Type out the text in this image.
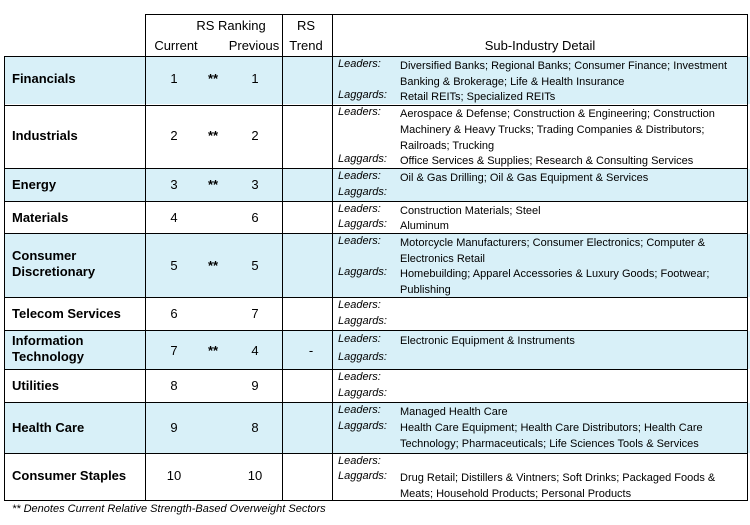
RS Ranking
Current	Previous
RS
Trend	Sub-Industry Detail
Financials	1	**	1
Leaders: Diversified Banks; Regional Banks; Consumer Finance; Investment Banking & Brokerage; Life & Health Insurance
Laggards: Retail REITs; Specialized REITs
Industrials	2	**	2
Leaders: Aerospace & Defense; Construction & Engineering; Construction Machinery & Heavy Trucks; Trading Companies & Distributors; Railroads; Trucking
Laggards: Office Services & Supplies; Research & Consulting Services
Energy	3	**	3
Leaders: Oil & Gas Drilling; Oil & Gas Equipment & Services
Laggards:
Materials	4	6
Leaders: Construction Materials; Steel
Laggards: Aluminum
Consumer Discretionary	5	**	5
Leaders: Motorcycle Manufacturers; Consumer Electronics; Computer & Electronics Retail
Laggards: Homebuilding; Apparel Accessories & Luxury Goods; Footwear; Publishing
Telecom Services	6	7
Leaders:
Laggards:
Information Technology	7	**	4	-
Leaders: Electronic Equipment & Instruments
Laggards:
Utilities	8	9
Leaders:
Laggards:
Health Care	9	8
Leaders: Managed Health Care
Laggards: Health Care Equipment; Health Care Distributors; Health Care Technology; Pharmaceuticals; Life Sciences Tools & Services
Consumer Staples	10	10
Leaders:
Laggards: Drug Retail; Distillers & Vintners; Soft Drinks; Packaged Foods & Meats; Household Products; Personal Products
** Denotes Current Relative Strength-Based Overweight Sectors
